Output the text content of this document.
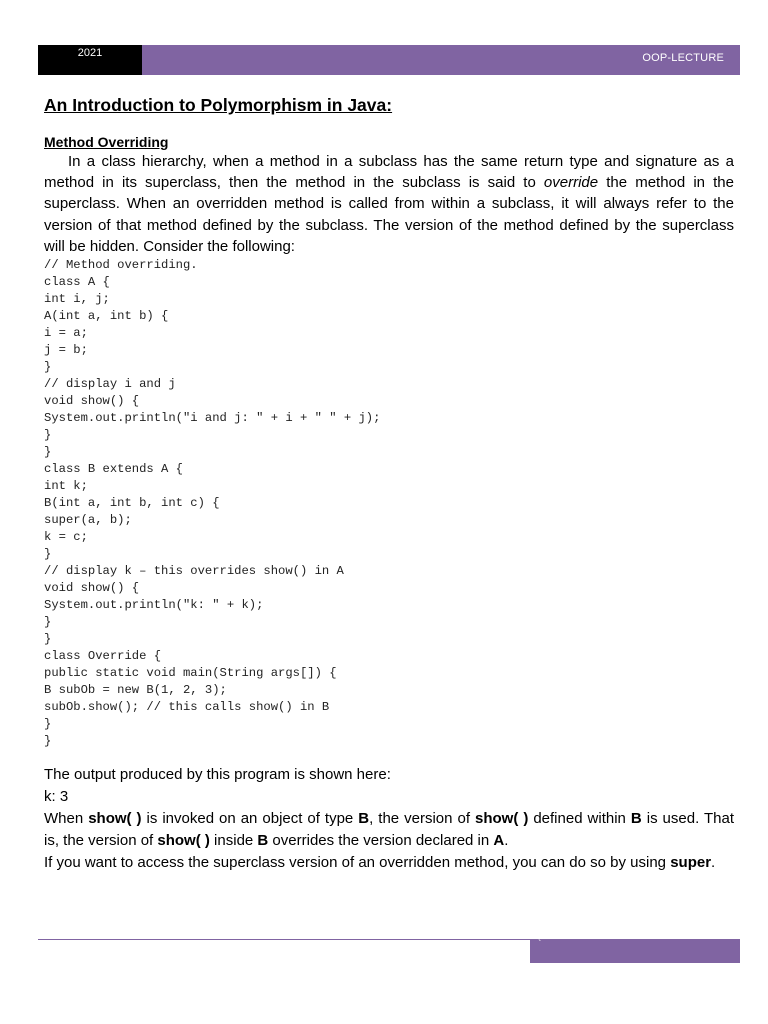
2021	OOP-LECTURE
An Introduction to Polymorphism in Java:
Method Overriding

In a class hierarchy, when a method in a subclass has the same return type and signature as a method in its superclass, then the method in the subclass is said to override the method in the superclass. When an overridden method is called from within a subclass, it will always refer to the version of that method defined by the subclass. The version of the method defined by the superclass will be hidden. Consider the following:

// Method overriding.
class A {
int i, j;
A(int a, int b) {
i = a;
j = b;
}
// display i and j
void show() {
System.out.println("i and j: " + i + " " + j);
}
}
class B extends A {
int k;
B(int a, int b, int c) {
super(a, b);
k = c;
}
// display k – this overrides show() in A
void show() {
System.out.println("k: " + k);
}
}
class Override {
public static void main(String args[]) {
B subOb = new B(1, 2, 3);
subOb.show(); // this calls show() in B
}
}

The output produced by this program is shown here:

k: 3

When show( ) is invoked on an object of type B, the version of show( ) defined within B is used. That is, the version of show( ) inside B overrides the version declared in A.

If you want to access the superclass version of an overridden method, you can do so by using super.

`
